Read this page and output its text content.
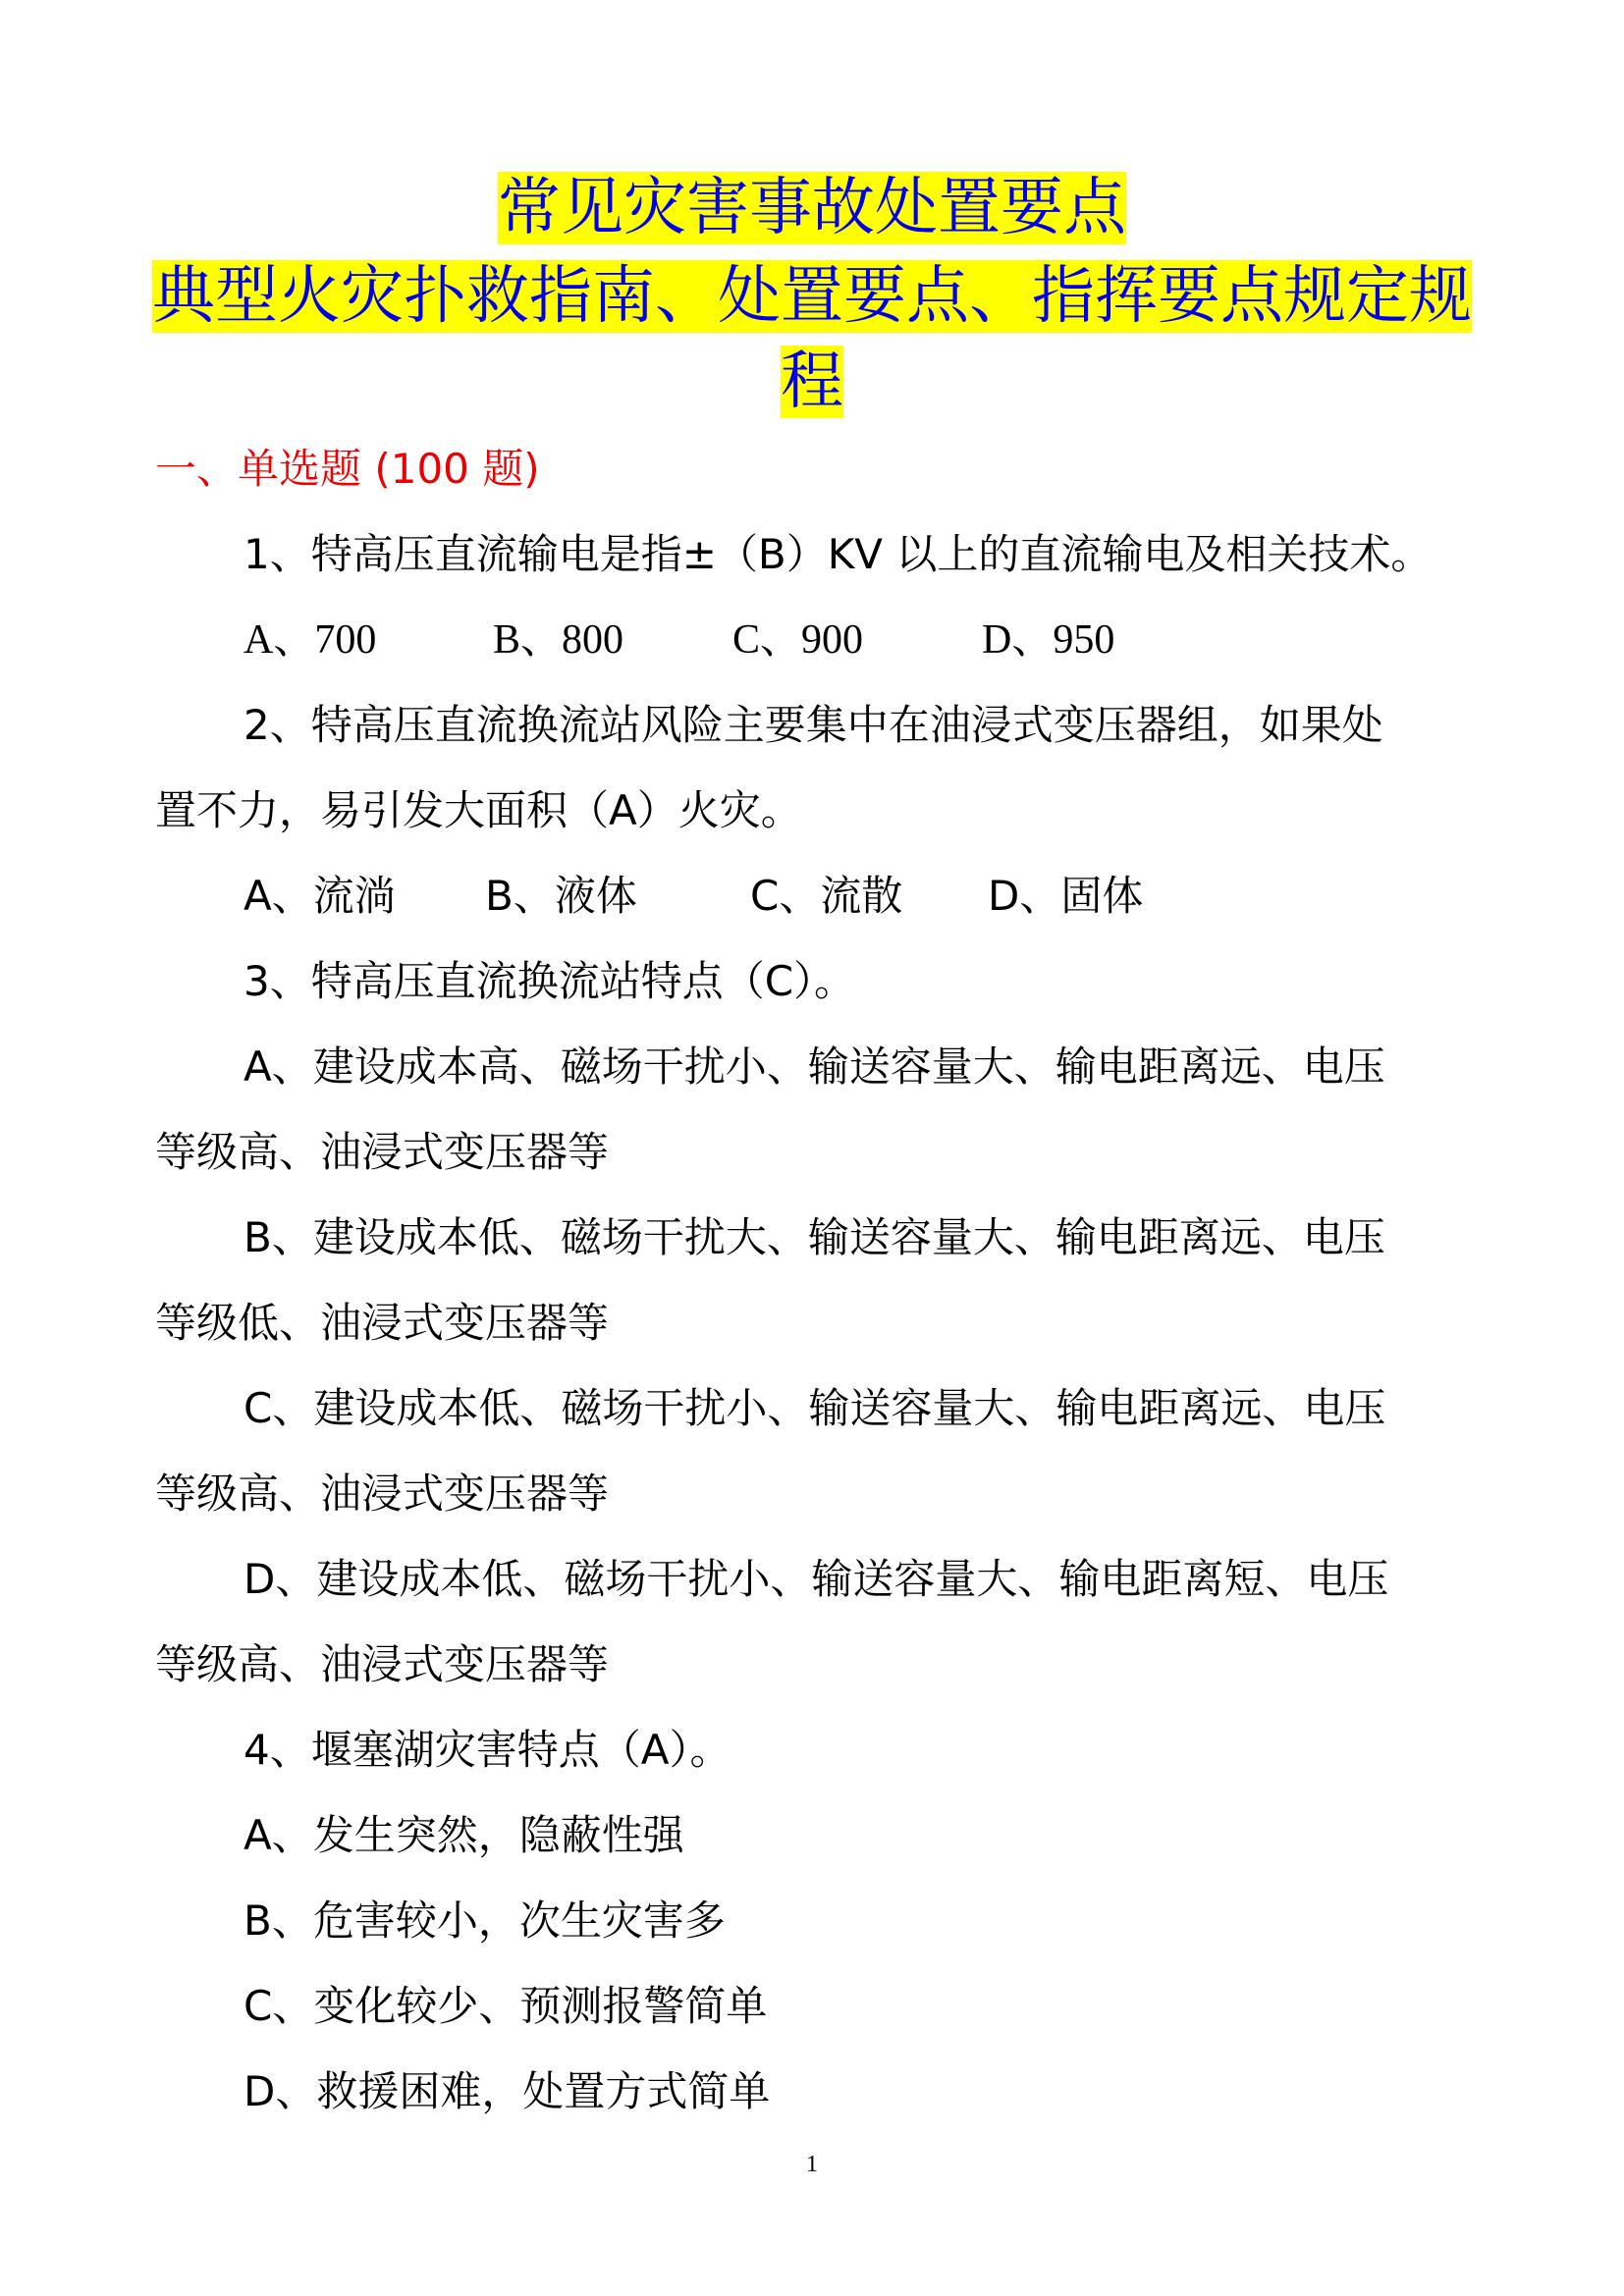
常见灾害事故处置要点
典型火灾扑救指南、处置要点、指挥要点规定规
程
一、单选题 (100 题)
1、特高压直流输电是指±（B）KV 以上的直流输电及相关技术。
A、700	B、800	C、900	D、950
2、特高压直流换流站风险主要集中在油浸式变压器组，如果处
置不力，易引发大面积（A）火灾。
A、流淌 B、液体	C、流散 D、固体
3、特高压直流换流站特点（C）。
A、建设成本高、磁场干扰小、输送容量大、输电距离远、电压
等级高、油浸式变压器等
B、建设成本低、磁场干扰大、输送容量大、输电距离远、电压
等级低、油浸式变压器等
C、建设成本低、磁场干扰小、输送容量大、输电距离远、电压
等级高、油浸式变压器等
D、建设成本低、磁场干扰小、输送容量大、输电距离短、电压
等级高、油浸式变压器等
4、堰塞湖灾害特点（A）。
A、发生突然，隐蔽性强
B、危害较小，次生灾害多
C、变化较少、预测报警简单
D、救援困难，处置方式简单
1
